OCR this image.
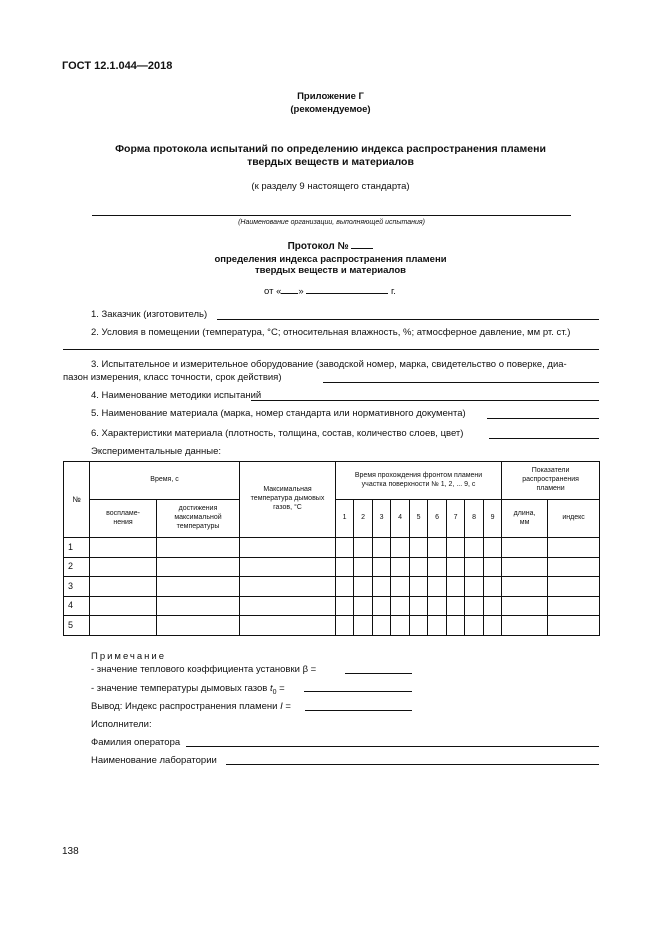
ГОСТ 12.1.044—2018
Приложение Г
(рекомендуемое)
Форма протокола испытаний по определению индекса распространения пламени
твердых веществ и материалов
(к разделу 9 настоящего стандарта)
(Наименование организации, выполняющей испытания)
Протокол №
определения индекса распространения пламени
твердых веществ и материалов
от « »	г.
1. Заказчик (изготовитель)
2. Условия в помещении (температура, °С; относительная влажность, %; атмосферное давление, мм рт. ст.)
3. Испытательное и измерительное оборудование (заводской номер, марка, свидетельство о поверке, диа-
пазон измерения, класс точности, срок действия)
4. Наименование методики испытаний
5. Наименование материала (марка, номер стандарта или нормативного документа)
6. Характеристики материала (плотность, толщина, состав, количество слоев, цвет)
Экспериментальные данные:
№	Время, с		Максимальная температура дымовых газов, °С	Время прохождения фронтом пламени участка поверхности № 1, 2, ... 9, с									Показатели распространения пламени	
	воспламе-нения	достижения максимальной температуры		1	2	3	4	5	6	7	8	9	длина, мм	индекс
1														
2														
3														
4														
5														
Примечание
- значение теплового коэффициента установки β =
- значение температуры дымовых газов $t_0$ =
Вывод: Индекс распространения пламени I =
Исполнители:
Фамилия оператора
Наименование лаборатории
138
